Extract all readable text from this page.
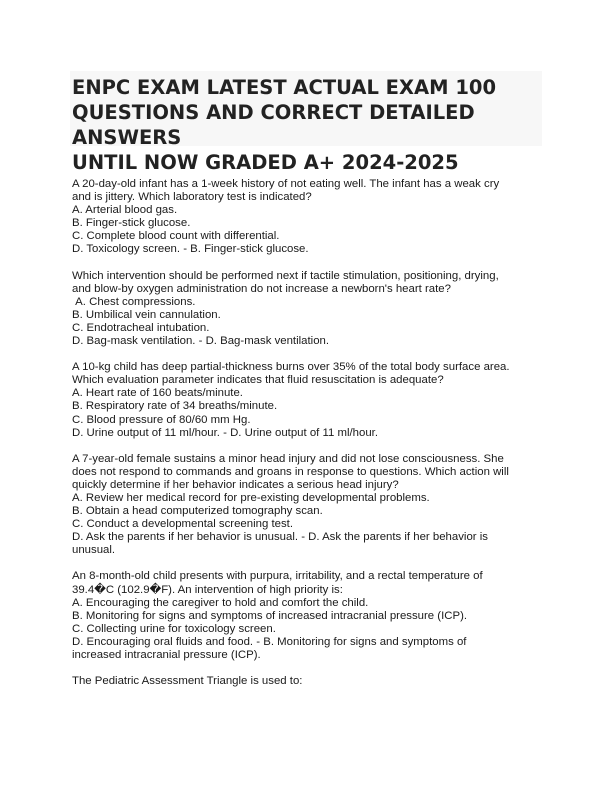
ENPC EXAM LATEST ACTUAL EXAM 100
QUESTIONS AND CORRECT DETAILED ANSWERS
UNTIL NOW GRADED A+ 2024-2025
A 20-day-old infant has a 1-week history of not eating well. The infant has a weak cry
and is jittery. Which laboratory test is indicated?
A. Arterial blood gas.
B. Finger-stick glucose.
C. Complete blood count with differential.
D. Toxicology screen. - B. Finger-stick glucose.
Which intervention should be performed next if tactile stimulation, positioning, drying,
and blow-by oxygen administration do not increase a newborn's heart rate?
A. Chest compressions.
B. Umbilical vein cannulation.
C. Endotracheal intubation.
D. Bag-mask ventilation. - D. Bag-mask ventilation.
A 10-kg child has deep partial-thickness burns over 35% of the total body surface area.
Which evaluation parameter indicates that fluid resuscitation is adequate?
A. Heart rate of 160 beats/minute.
B. Respiratory rate of 34 breaths/minute.
C. Blood pressure of 80/60 mm Hg.
D. Urine output of 11 ml/hour. - D. Urine output of 11 ml/hour.
A 7-year-old female sustains a minor head injury and did not lose consciousness. She
does not respond to commands and groans in response to questions. Which action will
quickly determine if her behavior indicates a serious head injury?
A. Review her medical record for pre-existing developmental problems.
B. Obtain a head computerized tomography scan.
C. Conduct a developmental screening test.
D. Ask the parents if her behavior is unusual. - D. Ask the parents if her behavior is
unusual.
An 8-month-old child presents with purpura, irritability, and a rectal temperature of
39.4�C (102.9�F). An intervention of high priority is:
A. Encouraging the caregiver to hold and comfort the child.
B. Monitoring for signs and symptoms of increased intracranial pressure (ICP).
C. Collecting urine for toxicology screen.
D. Encouraging oral fluids and food. - B. Monitoring for signs and symptoms of
increased intracranial pressure (ICP).
The Pediatric Assessment Triangle is used to:
